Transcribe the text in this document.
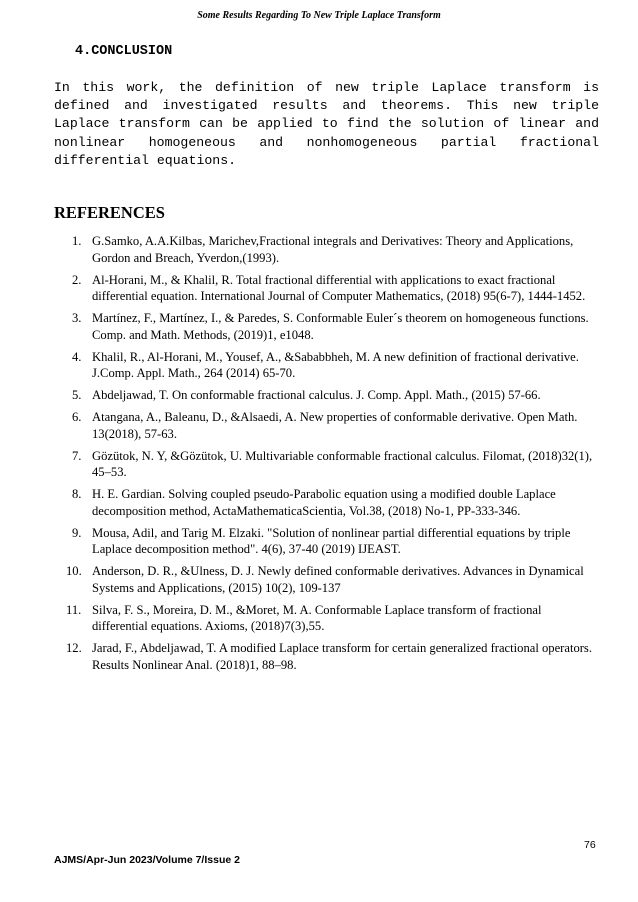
Some Results Regarding To New Triple Laplace Transform
4.CONCLUSION
In this work, the definition of new triple Laplace transform is defined and investigated results and theorems. This new triple Laplace transform can be applied to find the solution of linear and nonlinear homogeneous and nonhomogeneous partial fractional differential equations.
REFERENCES
1. G.Samko, A.A.Kilbas, Marichev,Fractional integrals and Derivatives: Theory and Applications, Gordon and Breach, Yverdon,(1993).
2. Al-Horani, M., & Khalil, R. Total fractional differential with applications to exact fractional differential equation. International Journal of Computer Mathematics, (2018) 95(6-7), 1444-1452.
3. Martínez, F., Martínez, I., & Paredes, S. Conformable Euler´s theorem on homogeneous functions. Comp. and Math. Methods, (2019)1, e1048.
4. Khalil, R., Al-Horani, M., Yousef, A., &Sababbheh, M. A new definition of fractional derivative. J.Comp. Appl. Math., 264 (2014) 65-70.
5. Abdeljawad, T. On conformable fractional calculus. J. Comp. Appl. Math., (2015) 57-66.
6. Atangana, A., Baleanu, D., &Alsaedi, A. New properties of conformable derivative. Open Math. 13(2018), 57-63.
7. Gözütok, N. Y, &Gözütok, U. Multivariable conformable fractional calculus. Filomat, (2018)32(1), 45–53.
8. H. E. Gardian. Solving coupled pseudo-Parabolic equation using a modified double Laplace decomposition method, ActaMathematicaScientia, Vol.38, (2018) No-1, PP-333-346.
9. Mousa, Adil, and Tarig M. Elzaki. "Solution of nonlinear partial differential equations by triple Laplace decomposition method". 4(6), 37-40 (2019) IJEAST.
10. Anderson, D. R., &Ulness, D. J. Newly defined conformable derivatives. Advances in Dynamical Systems and Applications, (2015) 10(2), 109-137
11. Silva, F. S., Moreira, D. M., &Moret, M. A. Conformable Laplace transform of fractional differential equations. Axioms, (2018)7(3),55.
12. Jarad, F., Abdeljawad, T. A modified Laplace transform for certain generalized fractional operators. Results Nonlinear Anal. (2018)1, 88–98.
76
AJMS/Apr-Jun 2023/Volume 7/Issue 2
